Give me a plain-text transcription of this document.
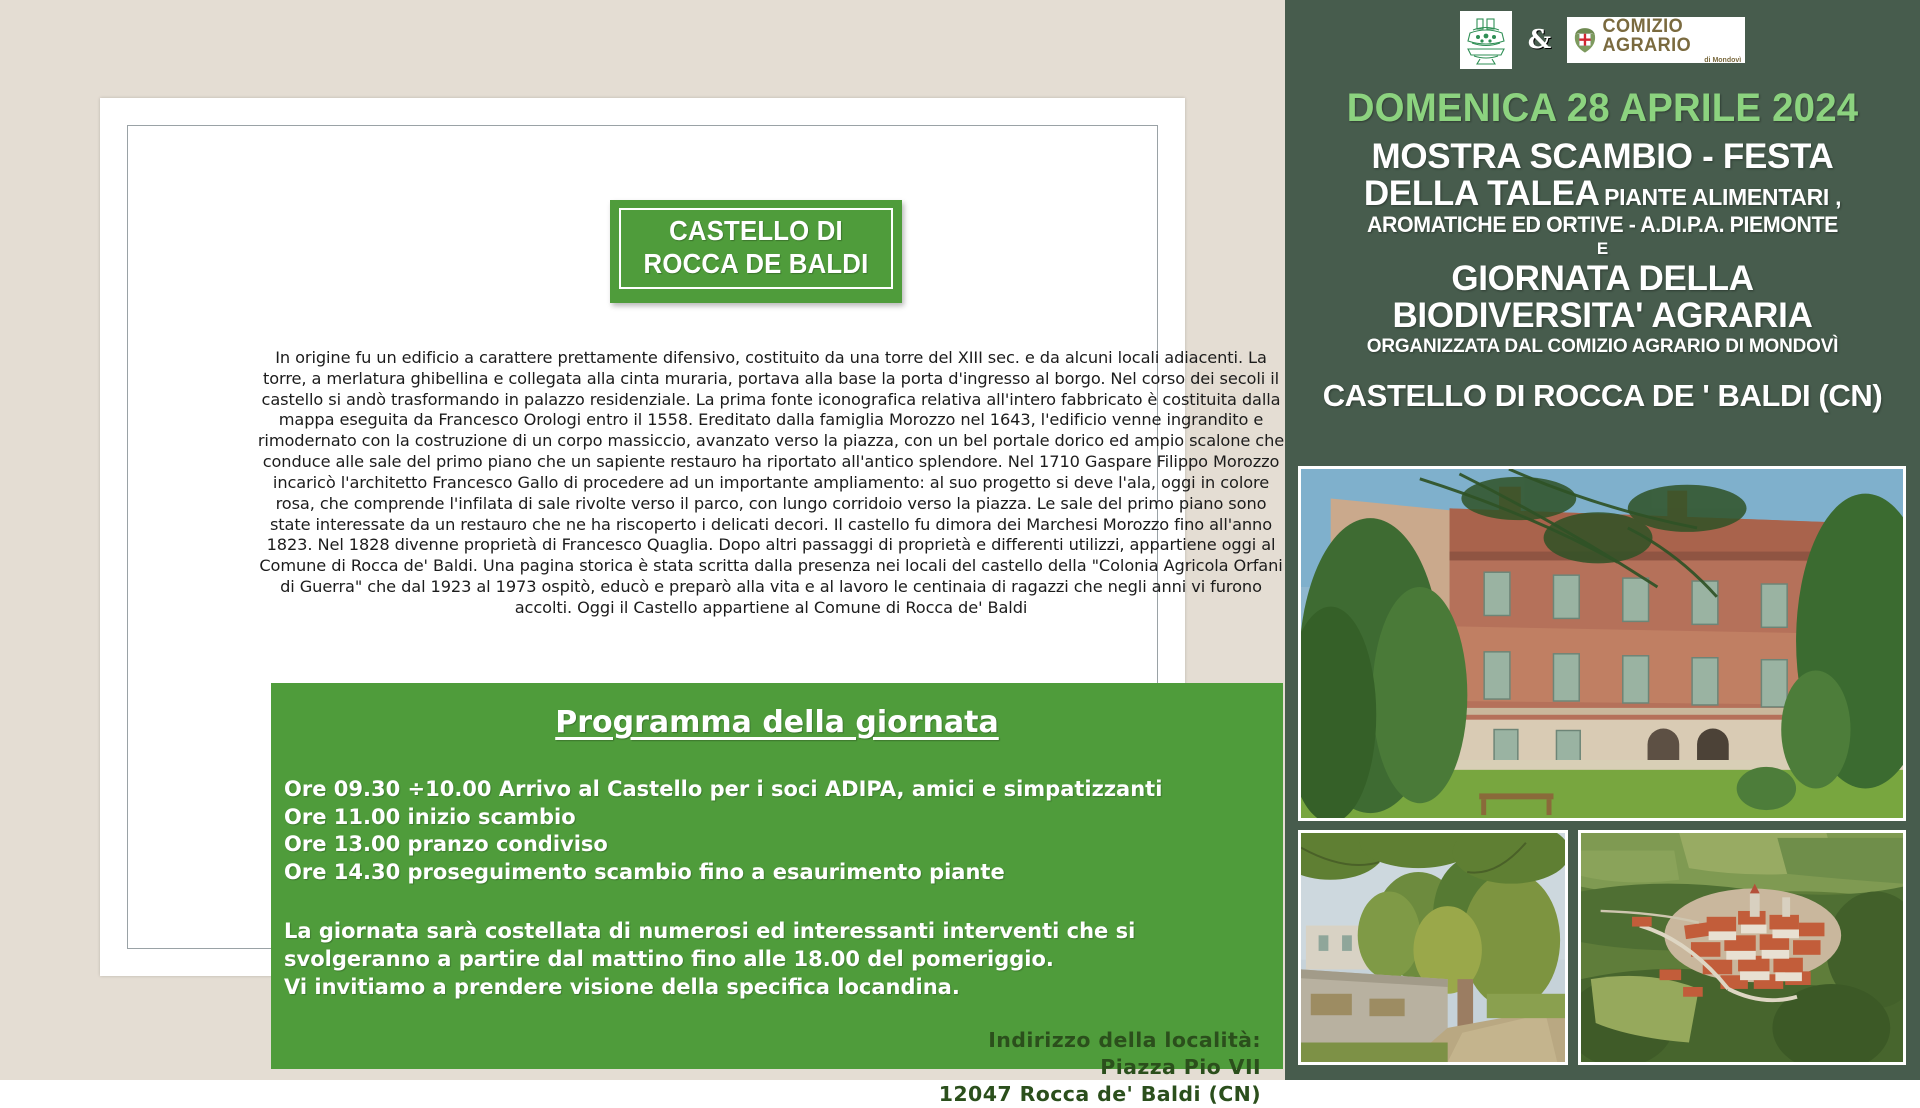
In origine fu un edificio a carattere prettamente difensivo, costituito da una torre del XIII sec. e da alcuni locali adiacenti. La torre, a merlatura ghibellina e collegata alla cinta muraria, portava alla base la porta d'ingresso al borgo. Nel corso dei secoli il castello si andò trasformando in palazzo residenziale. La prima fonte iconografica relativa all'intero fabbricato è costituita dalla mappa eseguita da Francesco Orologi entro il 1558. Ereditato dalla famiglia Morozzo nel 1643, l'edificio venne ingrandito e rimodernato con la costruzione di un corpo massiccio, avanzato verso la piazza, con un bel portale dorico ed ampio scalone che conduce alle sale del primo piano che un sapiente restauro ha riportato all'antico splendore. Nel 1710 Gaspare Filippo Morozzo incaricò l'architetto Francesco Gallo di procedere ad un importante ampliamento: al suo progetto si deve l'ala, oggi in colore rosa, che comprende l'infilata di sale rivolte verso il parco, con lungo corridoio verso la piazza. Le sale del primo piano sono state interessate da un restauro che ne ha riscoperto i delicati decori. Il castello fu dimora dei Marchesi Morozzo fino all'anno 1823. Nel 1828 divenne proprietà di Francesco Quaglia. Dopo altri passaggi di proprietà e differenti utilizzi, appartiene oggi al Comune di Rocca de' Baldi. Una pagina storica è stata scritta dalla presenza nei locali del castello della "Colonia Agricola Orfani di Guerra" che dal 1923 al 1973 ospitò, educò e preparò alla vita e al lavoro le centinaia di ragazzi che negli anni vi furono accolti. Oggi il Castello appartiene al Comune di Rocca de' Baldi
Programma della giornata
Ore 09.30 ÷10.00 Arrivo al Castello per i soci ADIPA, amici e simpatizzanti
Ore 11.00 inizio scambio
Ore 13.00 pranzo condiviso
Ore 14.30 proseguimento scambio fino a esaurimento piante
La giornata sarà costellata di numerosi ed interessanti interventi che si
svolgeranno a partire dal mattino fino alle 18.00 del pomeriggio.
Vi invitiamo a prendere visione della specifica locandina.
Indirizzo della località:
Piazza Pio VII
12047 Rocca de' Baldi (CN)
CASTELLO DI
ROCCA DE BALDI
&	COMIZIO AGRARIO
di Mondovì
DOMENICA 28 APRILE 2024
MOSTRA SCAMBIO - FESTA
DELLA TALEA PIANTE ALIMENTARI ,
AROMATICHE ED ORTIVE - A.DI.P.A. PIEMONTE
E
GIORNATA DELLA
BIODIVERSITA' AGRARIA
ORGANIZZATA DAL COMIZIO AGRARIO DI MONDOVÌ
CASTELLO DI ROCCA DE ' BALDI (CN)
